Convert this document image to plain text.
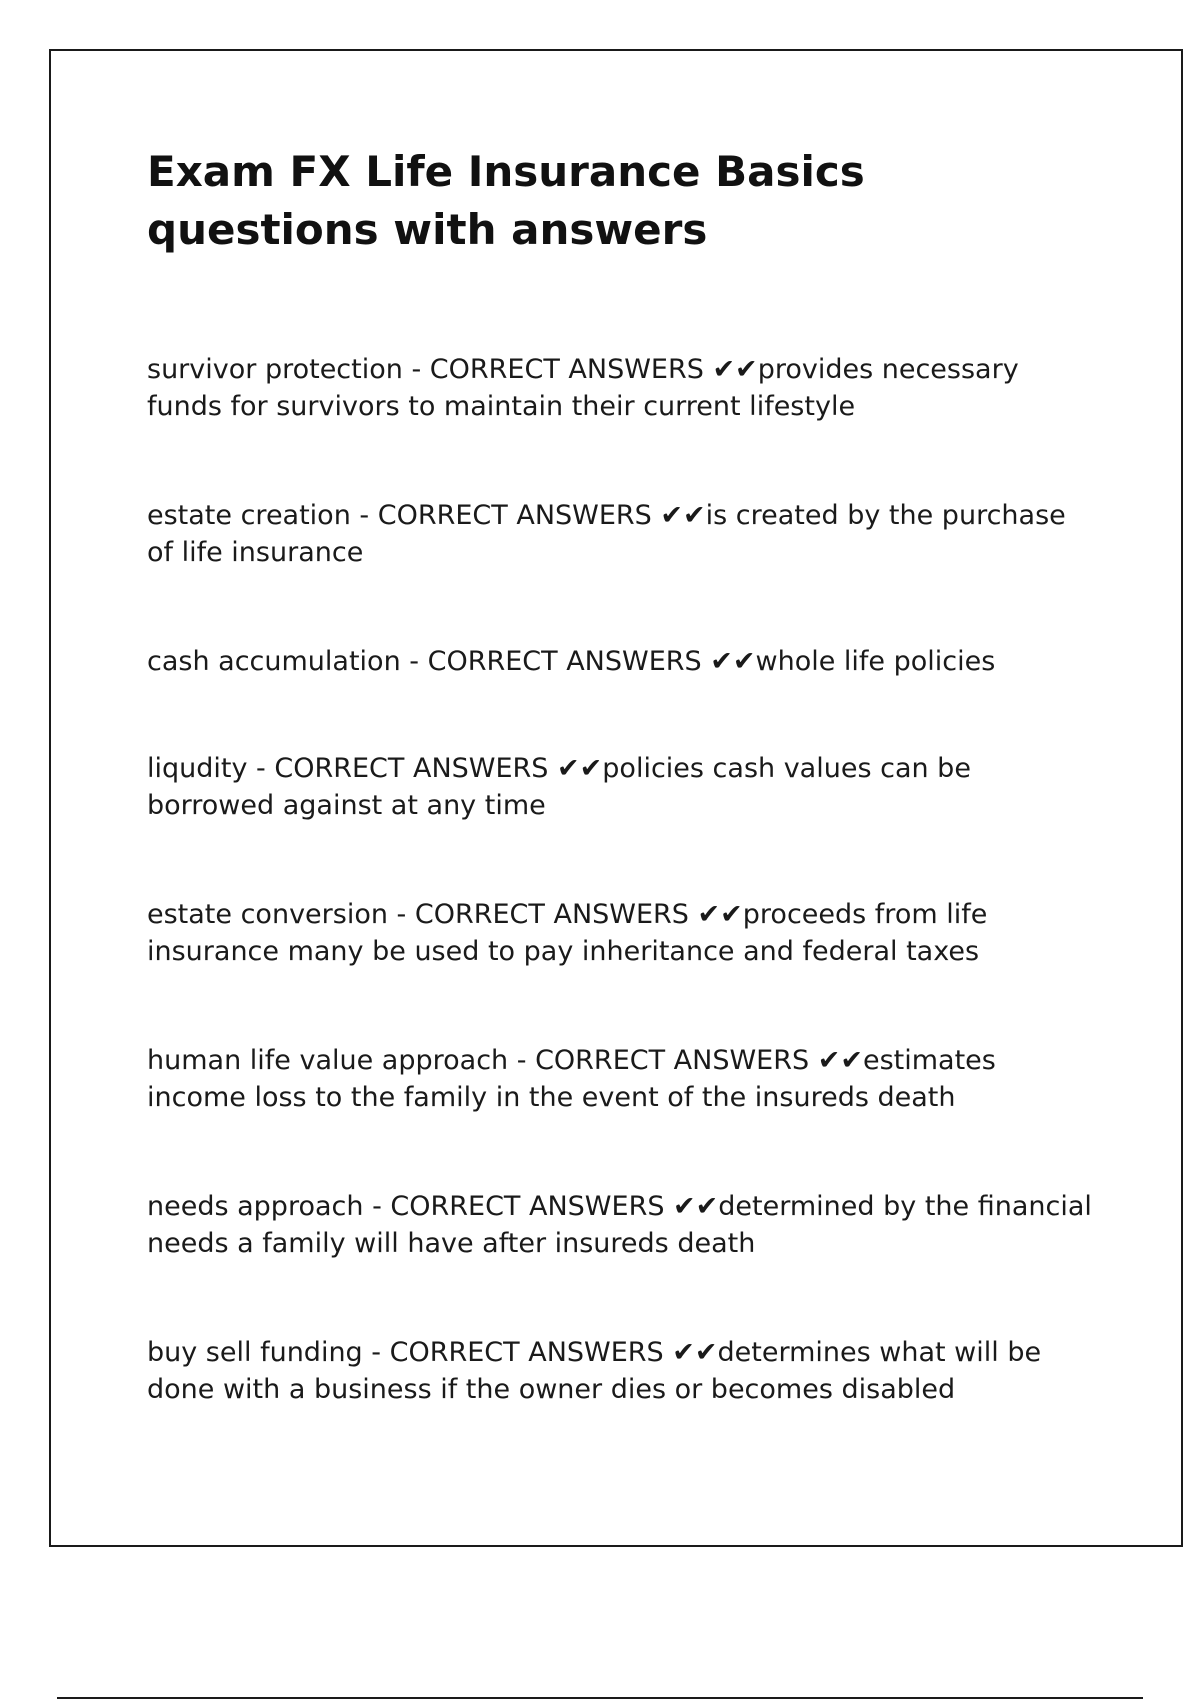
Exam FX Life Insurance Basics
questions with answers
survivor protection - CORRECT ANSWERS ✔✔provides necessary funds for survivors to maintain their current lifestyle
estate creation - CORRECT ANSWERS ✔✔is created by the purchase of life insurance
cash accumulation - CORRECT ANSWERS ✔✔whole life policies
liqudity - CORRECT ANSWERS ✔✔policies cash values can be borrowed against at any time
estate conversion - CORRECT ANSWERS ✔✔proceeds from life insurance many be used to pay inheritance and federal taxes
human life value approach - CORRECT ANSWERS ✔✔estimates income loss to the family in the event of the insureds death
needs approach - CORRECT ANSWERS ✔✔determined by the financial needs a family will have after insureds death
buy sell funding - CORRECT ANSWERS ✔✔determines what will be done with a business if the owner dies or becomes disabled
